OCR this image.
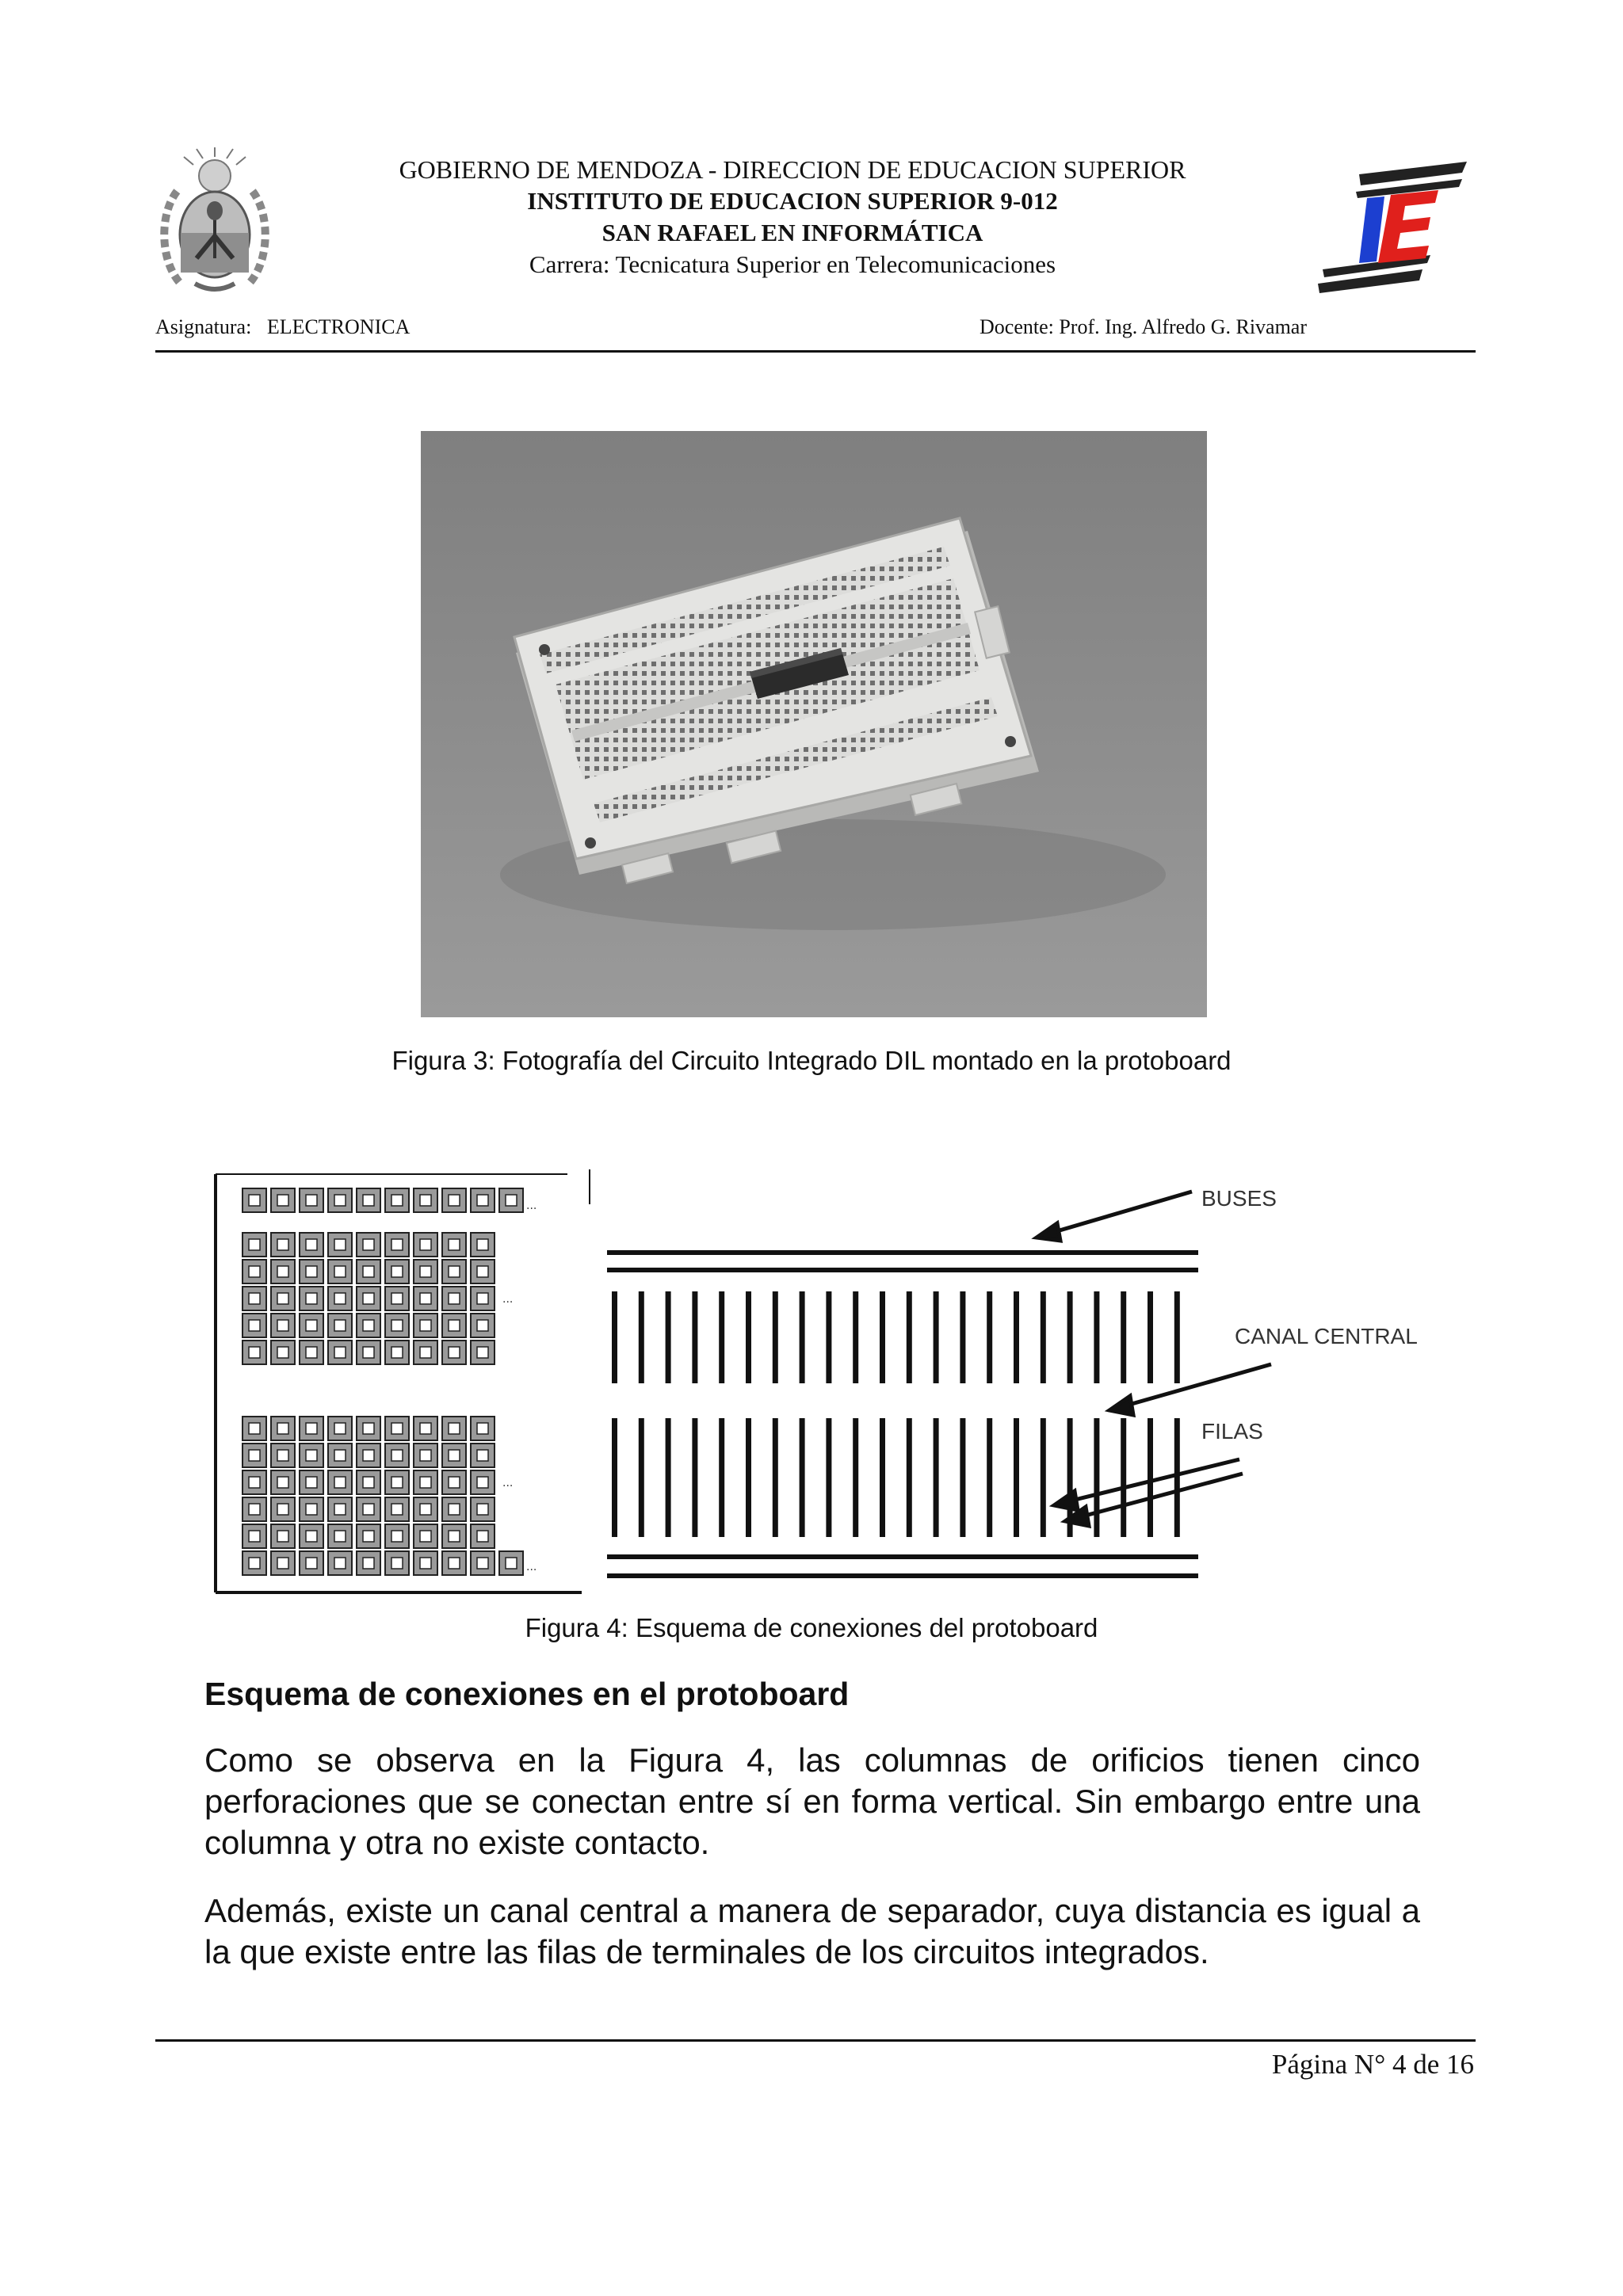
GOBIERNO DE MENDOZA - DIRECCION DE EDUCACION SUPERIOR
INSTITUTO DE EDUCACION SUPERIOR 9-012
SAN RAFAEL EN INFORMÁTICA
Carrera: Tecnicatura Superior en Telecomunicaciones
Asignatura: ELECTRONICA	Docente: Prof. Ing. Alfredo G. Rivamar
Figura 3: Fotografía del Circuito Integrado DIL montado en la protoboard
...
...
...
...
BUSES
CANAL CENTRAL
FILAS
Figura 4: Esquema de conexiones del protoboard
Esquema de conexiones en el protoboard
Como se observa en la Figura 4, las columnas de orificios tienen cinco perforaciones que se conectan entre sí en forma vertical. Sin embargo entre una columna y otra no existe contacto.
Además, existe un canal central a manera de separador, cuya distancia es igual a la que existe entre las filas de terminales de los circuitos integrados.
Página N° 4 de 16
